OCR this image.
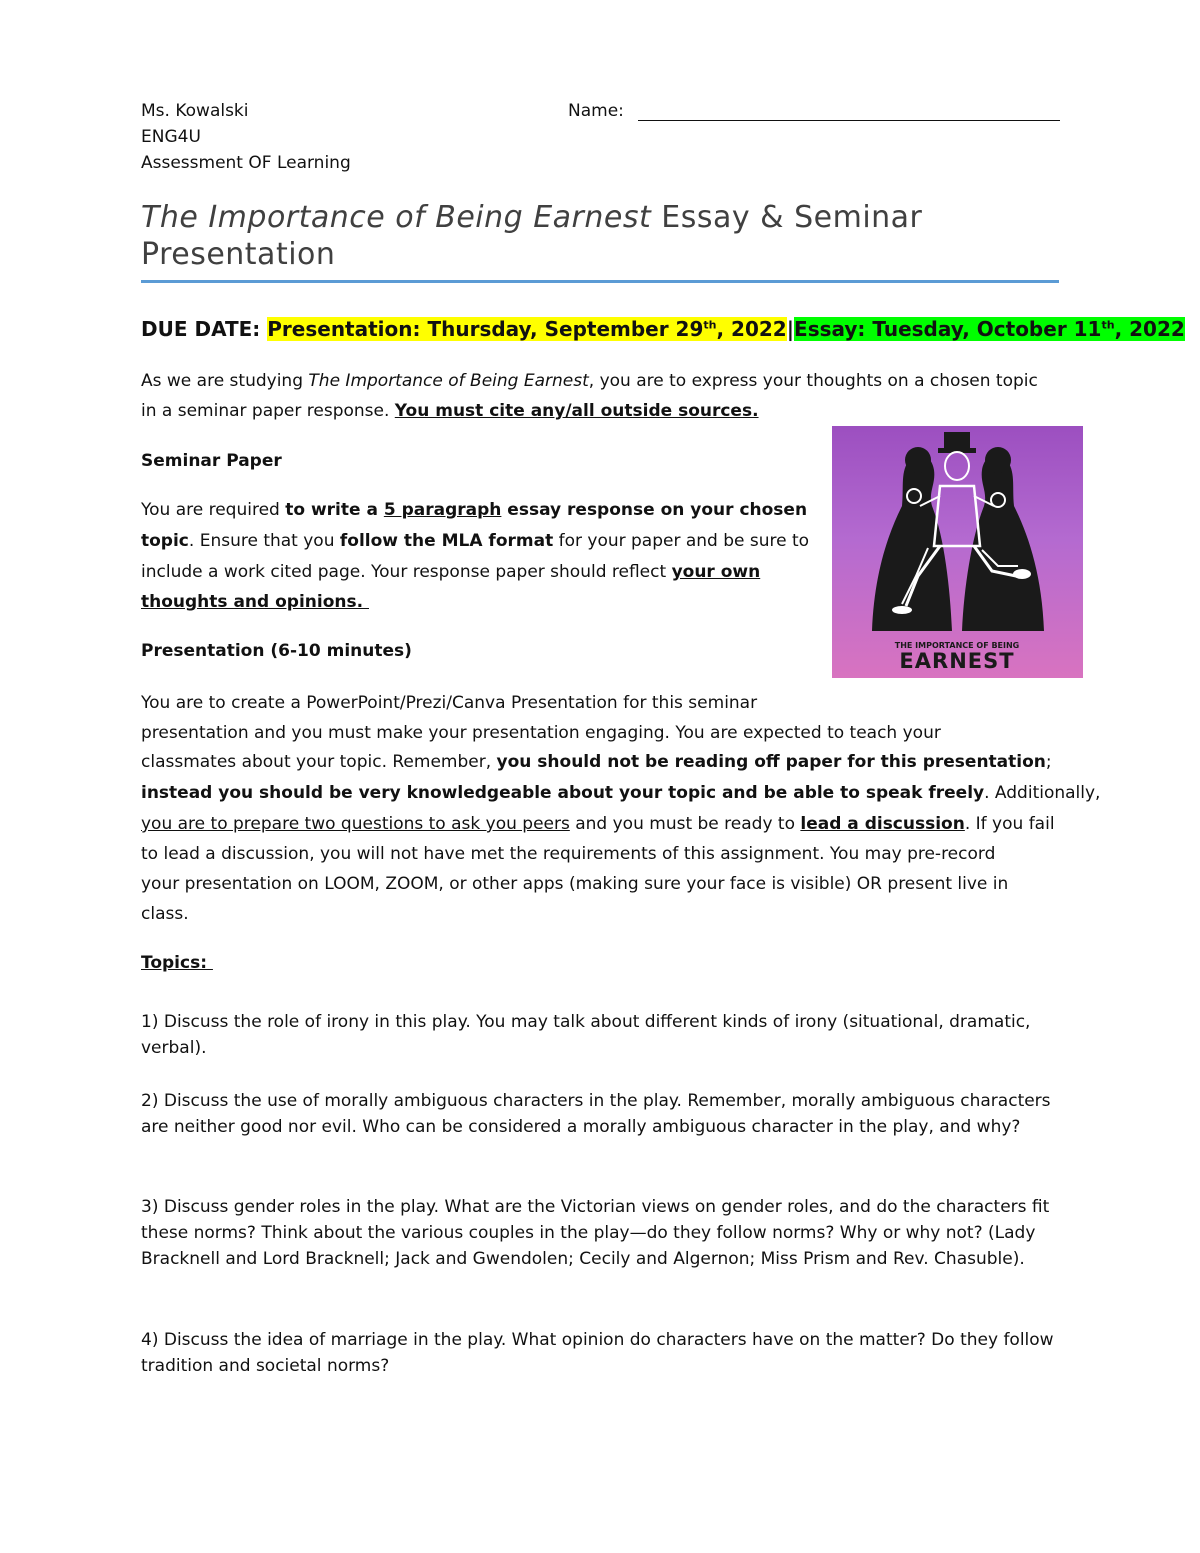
Ms. Kowalski
ENG4U
Assessment OF Learning
Name:
The Importance of Being Earnest Essay & Seminar Presentation
DUE DATE: Presentation: Thursday, September 29th, 2022|Essay: Tuesday, October 11th, 2022
As we are studying The Importance of Being Earnest, you are to express your thoughts on a chosen topic
in a seminar paper response. You must cite any/all outside sources.
Seminar Paper
You are required to write a 5 paragraph essay response on your chosen
topic. Ensure that you follow the MLA format for your paper and be sure to
include a work cited page. Your response paper should reflect your own
thoughts and opinions.
THE IMPORTANCE OF BEING
EARNEST
Presentation (6-10 minutes)
You are to create a PowerPoint/Prezi/Canva Presentation for this seminar
presentation and you must make your presentation engaging. You are expected to teach your
classmates about your topic. Remember, you should not be reading off paper for this presentation;
instead you should be very knowledgeable about your topic and be able to speak freely. Additionally,
you are to prepare two questions to ask you peers and you must be ready to lead a discussion. If you fail
to lead a discussion, you will not have met the requirements of this assignment. You may pre-record
your presentation on LOOM, ZOOM, or other apps (making sure your face is visible) OR present live in
class.
Topics:
1) Discuss the role of irony in this play. You may talk about different kinds of irony (situational, dramatic, verbal).
2) Discuss the use of morally ambiguous characters in the play. Remember, morally ambiguous characters are neither good nor evil. Who can be considered a morally ambiguous character in the play, and why?
3) Discuss gender roles in the play. What are the Victorian views on gender roles, and do the characters fit these norms? Think about the various couples in the play—do they follow norms? Why or why not? (Lady Bracknell and Lord Bracknell; Jack and Gwendolen; Cecily and Algernon; Miss Prism and Rev. Chasuble).
4) Discuss the idea of marriage in the play. What opinion do characters have on the matter? Do they follow tradition and societal norms?
